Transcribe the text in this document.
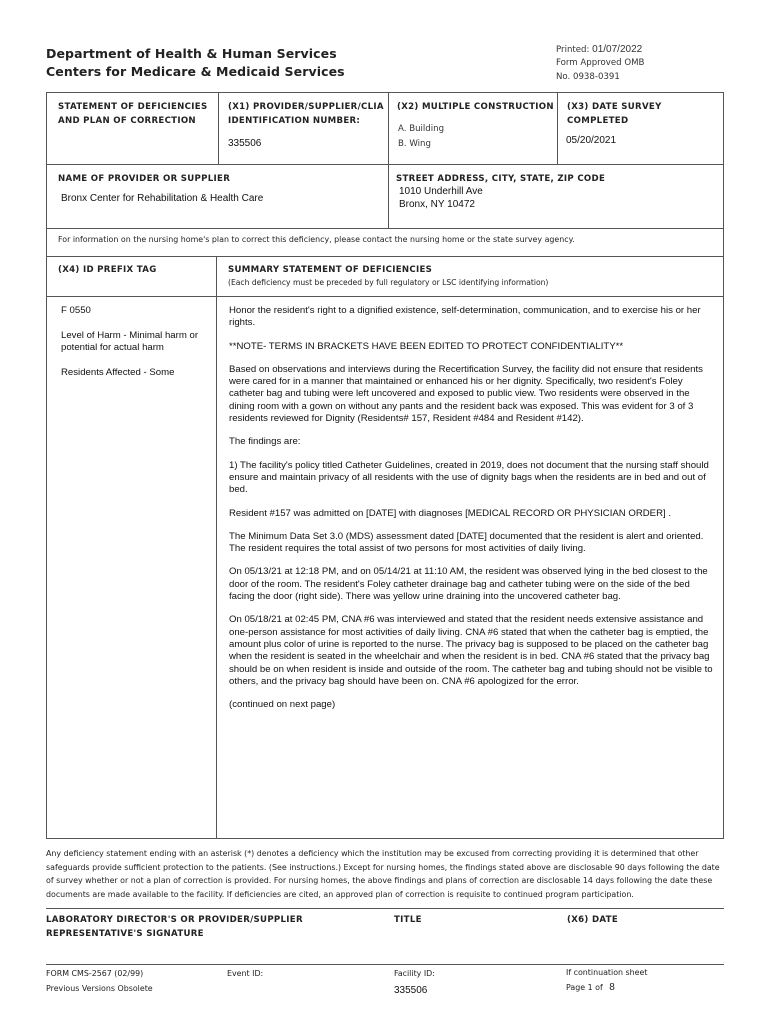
Department of Health & Human Services
Centers for Medicare & Medicaid Services
Printed: 01/07/2022
Form Approved OMB
No. 0938-0391
STATEMENT OF DEFICIENCIES AND PLAN OF CORRECTION
(X1) PROVIDER/SUPPLIER/CLIA IDENTIFICATION NUMBER:
335506
(X2) MULTIPLE CONSTRUCTION
A. Building
B. Wing
(X3) DATE SURVEY COMPLETED
05/20/2021
NAME OF PROVIDER OR SUPPLIER
Bronx Center for Rehabilitation & Health Care
STREET ADDRESS, CITY, STATE, ZIP CODE
1010 Underhill Ave
Bronx, NY 10472
For information on the nursing home's plan to correct this deficiency, please contact the nursing home or the state survey agency.
(X4) ID PREFIX TAG	SUMMARY STATEMENT OF DEFICIENCIES
(Each deficiency must be preceded by full regulatory or LSC identifying information)
F 0550
Level of Harm - Minimal harm or potential for actual harm
Residents Affected - Some

Honor the resident's right to a dignified existence, self-determination, communication, and to exercise his or her rights.

**NOTE- TERMS IN BRACKETS HAVE BEEN EDITED TO PROTECT CONFIDENTIALITY**

Based on observations and interviews during the Recertification Survey, the facility did not ensure that residents were cared for in a manner that maintained or enhanced his or her dignity. Specifically, two resident's Foley catheter bag and tubing were left uncovered and exposed to public view. Two residents were observed in the dining room with a gown on without any pants and the resident back was exposed. This was evident for 3 of 3 residents reviewed for Dignity (Residents# 157, Resident #484 and Resident #142).

The findings are:

1) The facility's policy titled Catheter Guidelines, created in 2019, does not document that the nursing staff should ensure and maintain privacy of all residents with the use of dignity bags when the residents are in bed and out of bed.

Resident #157 was admitted on [DATE] with diagnoses [MEDICAL RECORD OR PHYSICIAN ORDER] .

The Minimum Data Set 3.0 (MDS) assessment dated [DATE] documented that the resident is alert and oriented. The resident requires the total assist of two persons for most activities of daily living.

On 05/13/21 at 12:18 PM, and on 05/14/21 at 11:10 AM, the resident was observed lying in the bed closest to the door of the room. The resident's Foley catheter drainage bag and catheter tubing were on the side of the bed facing the door (right side). There was yellow urine draining into the uncovered catheter bag.

On 05/18/21 at 02:45 PM, CNA #6 was interviewed and stated that the resident needs extensive assistance and one-person assistance for most activities of daily living. CNA #6 stated that when the catheter bag is emptied, the amount plus color of urine is reported to the nurse. The privacy bag is supposed to be placed on the catheter bag when the resident is seated in the wheelchair and when the resident is in bed. CNA #6 stated that the privacy bag should be on when resident is inside and outside of the room. The catheter bag and tubing should not be visible to others, and the privacy bag should have been on. CNA #6 apologized for the error.

(continued on next page)

Any deficiency statement ending with an asterisk (*) denotes a deficiency which the institution may be excused from correcting providing it is determined that other safeguards provide sufficient protection to the patients. (See instructions.) Except for nursing homes, the findings stated above are disclosable 90 days following the date of survey whether or not a plan of correction is provided. For nursing homes, the above findings and plans of correction are disclosable 14 days following the date these documents are made available to the facility. If deficiencies are cited, an approved plan of correction is requisite to continued program participation.
LABORATORY DIRECTOR'S OR PROVIDER/SUPPLIER REPRESENTATIVE'S SIGNATURE
TITLE	(X6) DATE
FORM CMS-2567 (02/99)
Previous Versions Obsolete
Event ID:	Facility ID:
335506
If continuation sheet
Page 1 of 8
